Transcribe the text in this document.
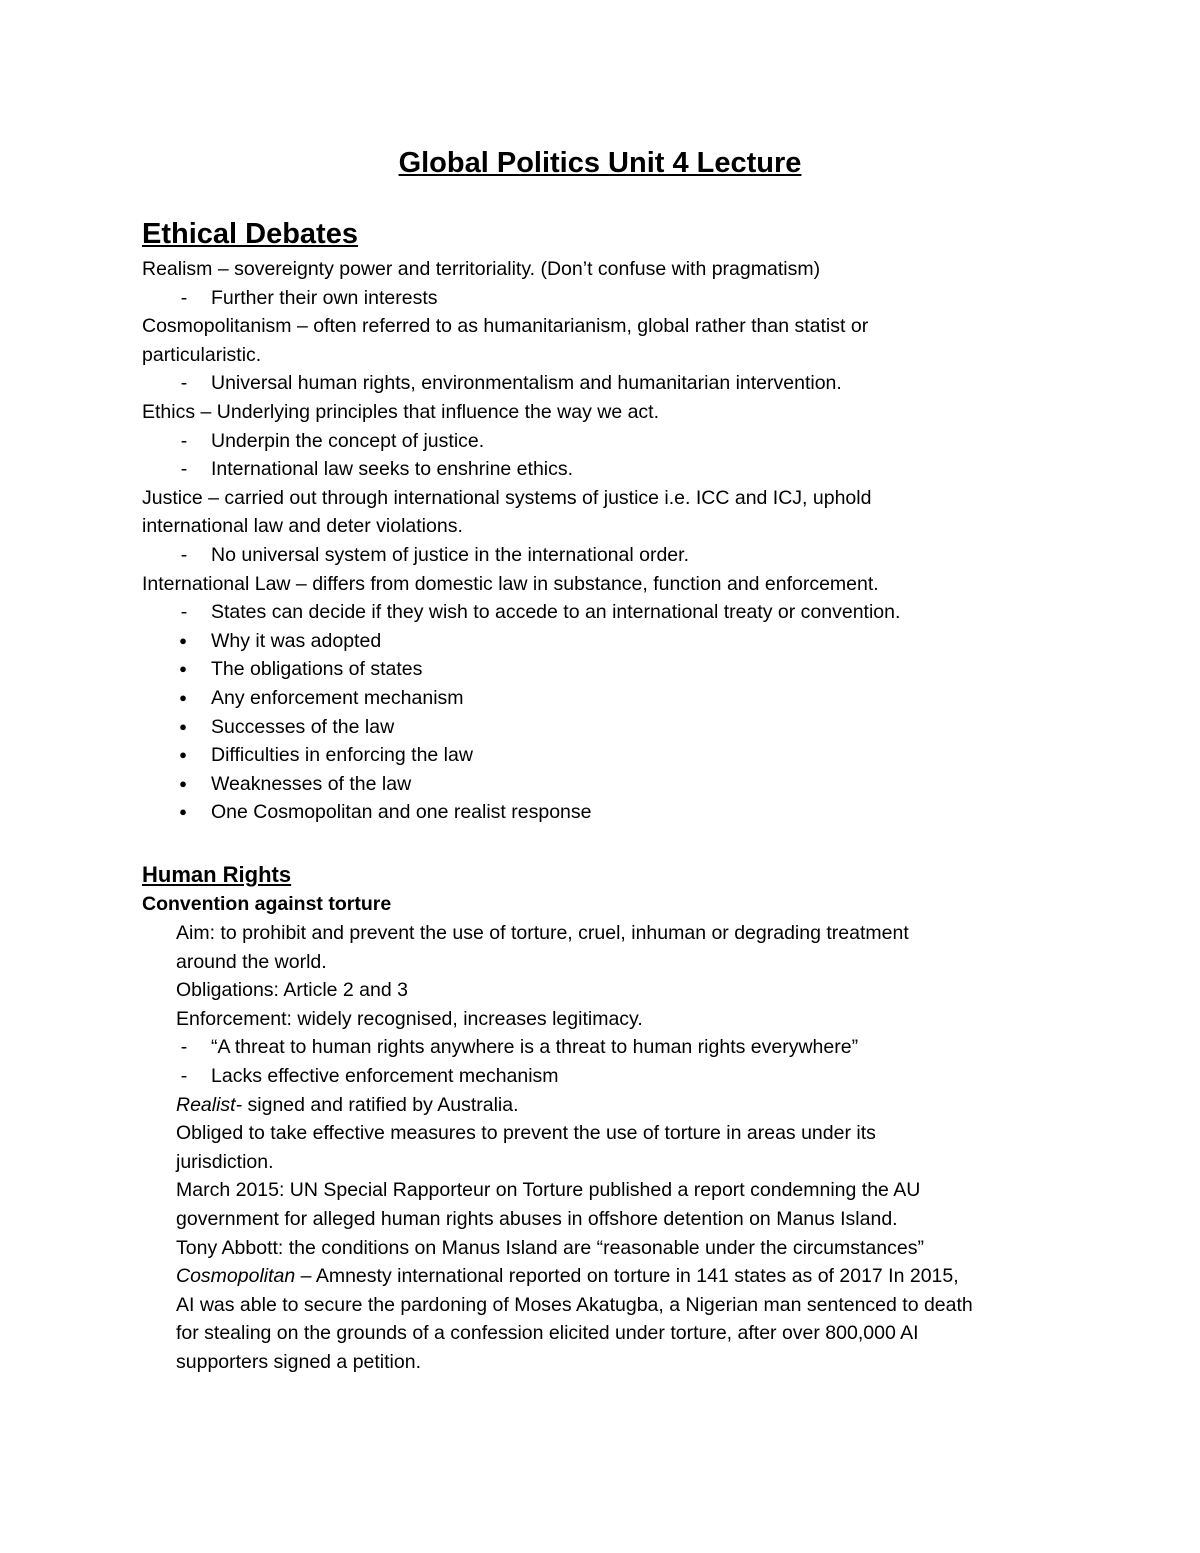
Global Politics Unit 4 Lecture
Ethical Debates
Realism – sovereignty power and territoriality. (Don’t confuse with pragmatism)
-	Further their own interests
Cosmopolitanism – often referred to as humanitarianism, global rather than statist or
particularistic.
-	Universal human rights, environmentalism and humanitarian intervention.
Ethics – Underlying principles that influence the way we act.
-	Underpin the concept of justice.
-	International law seeks to enshrine ethics.
Justice – carried out through international systems of justice i.e. ICC and ICJ, uphold
international law and deter violations.
-	No universal system of justice in the international order.
International Law – differs from domestic law in substance, function and enforcement.
-	States can decide if they wish to accede to an international treaty or convention.
●	Why it was adopted
●	The obligations of states
●	Any enforcement mechanism
●	Successes of the law
●	Difficulties in enforcing the law
●	Weaknesses of the law
●	One Cosmopolitan and one realist response
Human Rights
Convention against torture
Aim: to prohibit and prevent the use of torture, cruel, inhuman or degrading treatment
around the world.
Obligations: Article 2 and 3
Enforcement: widely recognised, increases legitimacy.
-	“A threat to human rights anywhere is a threat to human rights everywhere”
-	Lacks effective enforcement mechanism
Realist- signed and ratified by Australia.
Obliged to take effective measures to prevent the use of torture in areas under its
jurisdiction.
March 2015: UN Special Rapporteur on Torture published a report condemning the AU
government for alleged human rights abuses in offshore detention on Manus Island.
Tony Abbott: the conditions on Manus Island are “reasonable under the circumstances”
Cosmopolitan – Amnesty international reported on torture in 141 states as of 2017 In 2015,
AI was able to secure the pardoning of Moses Akatugba, a Nigerian man sentenced to death
for stealing on the grounds of a confession elicited under torture, after over 800,000 AI
supporters signed a petition.
